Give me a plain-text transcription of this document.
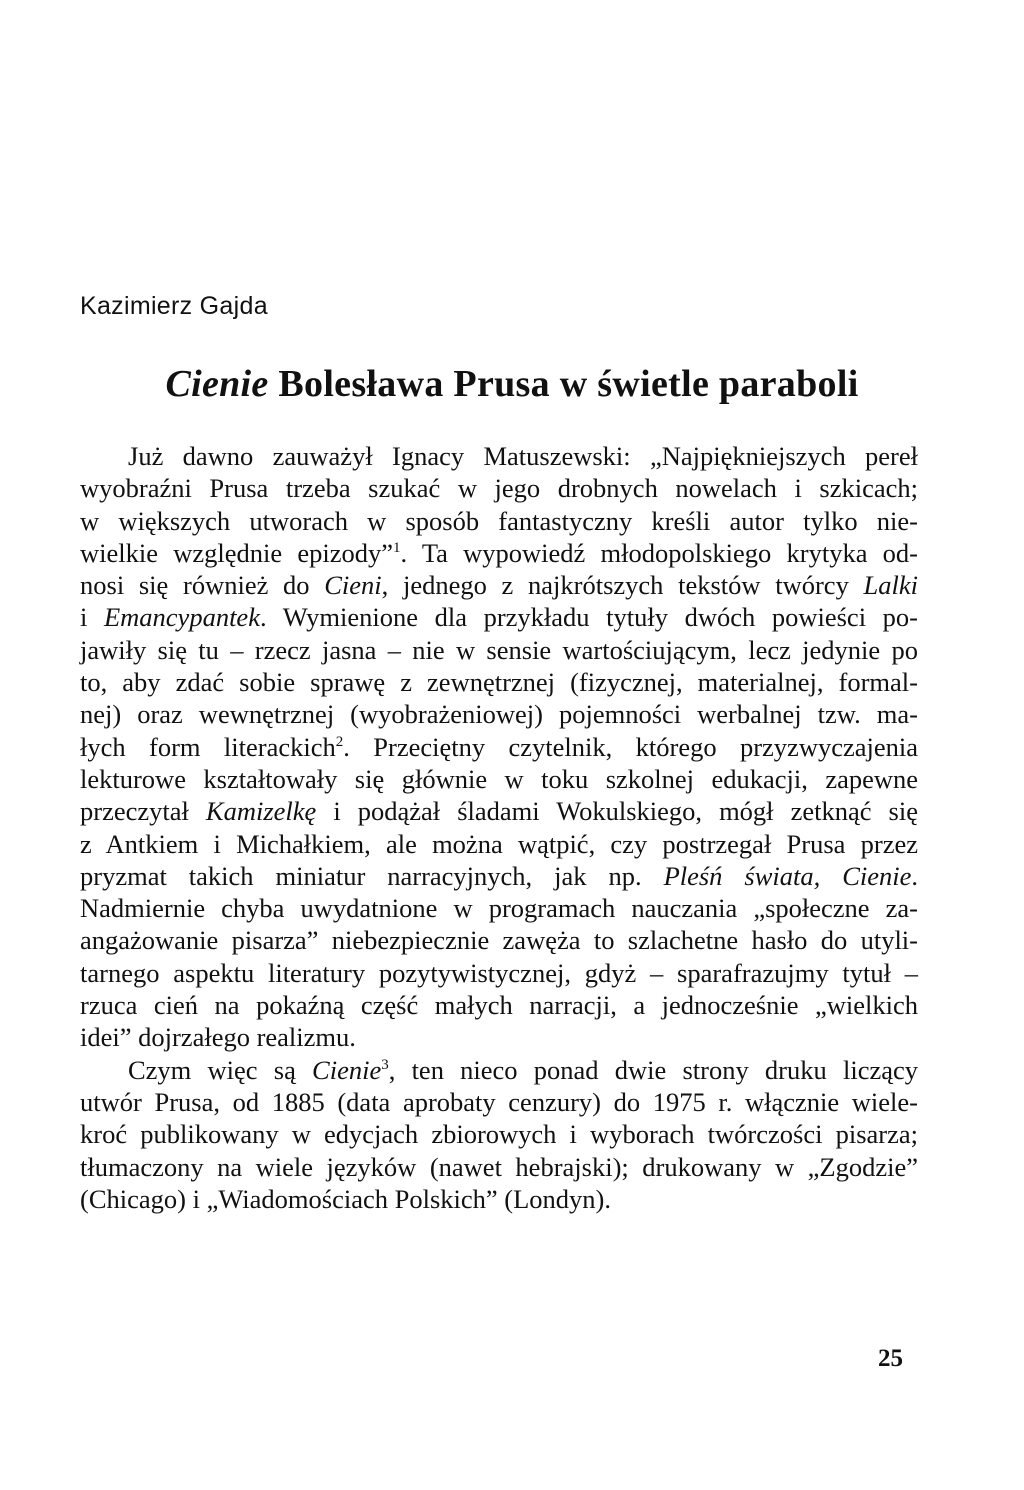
Kazimierz Gajda
Cienie Bolesława Prusa w świetle paraboli
Już dawno zauważył Ignacy Matuszewski: „Najpiękniejszych pereł
wyobraźni Prusa trzeba szukać w jego drobnych nowelach i szkicach;
w większych utworach w sposób fantastyczny kreśli autor tylko nie-
wielkie względnie epizody”$^1$. Ta wypowiedź młodopolskiego krytyka od-
nosi się również do Cieni, jednego z najkrótszych tekstów twórcy Lalki
i Emancypantek. Wymienione dla przykładu tytuły dwóch powieści po-
jawiły się tu – rzecz jasna – nie w sensie wartościującym, lecz jedynie po
to, aby zdać sobie sprawę z zewnętrznej (fizycznej, materialnej, formal-
nej) oraz wewnętrznej (wyobrażeniowej) pojemności werbalnej tzw. ma-
łych form literackich$^2$. Przeciętny czytelnik, którego przyzwyczajenia
lekturowe kształtowały się głównie w toku szkolnej edukacji, zapewne
przeczytał Kamizelkę i podążał śladami Wokulskiego, mógł zetknąć się
z Antkiem i Michałkiem, ale można wątpić, czy postrzegał Prusa przez
pryzmat takich miniatur narracyjnych, jak np. Pleśń świata, Cienie.
Nadmiernie chyba uwydatnione w programach nauczania „społeczne za-
angażowanie pisarza” niebezpiecznie zawęża to szlachetne hasło do utyli-
tarnego aspektu literatury pozytywistycznej, gdyż – sparafrazujmy tytuł –
rzuca cień na pokaźną część małych narracji, a jednocześnie „wielkich
idei” dojrzałego realizmu.
Czym więc są Cienie$^3$, ten nieco ponad dwie strony druku liczący
utwór Prusa, od 1885 (data aprobaty cenzury) do 1975 r. włącznie wiele-
kroć publikowany w edycjach zbiorowych i wyborach twórczości pisarza;
tłumaczony na wiele języków (nawet hebrajski); drukowany w „Zgodzie”
(Chicago) i „Wiadomościach Polskich” (Londyn).
25
